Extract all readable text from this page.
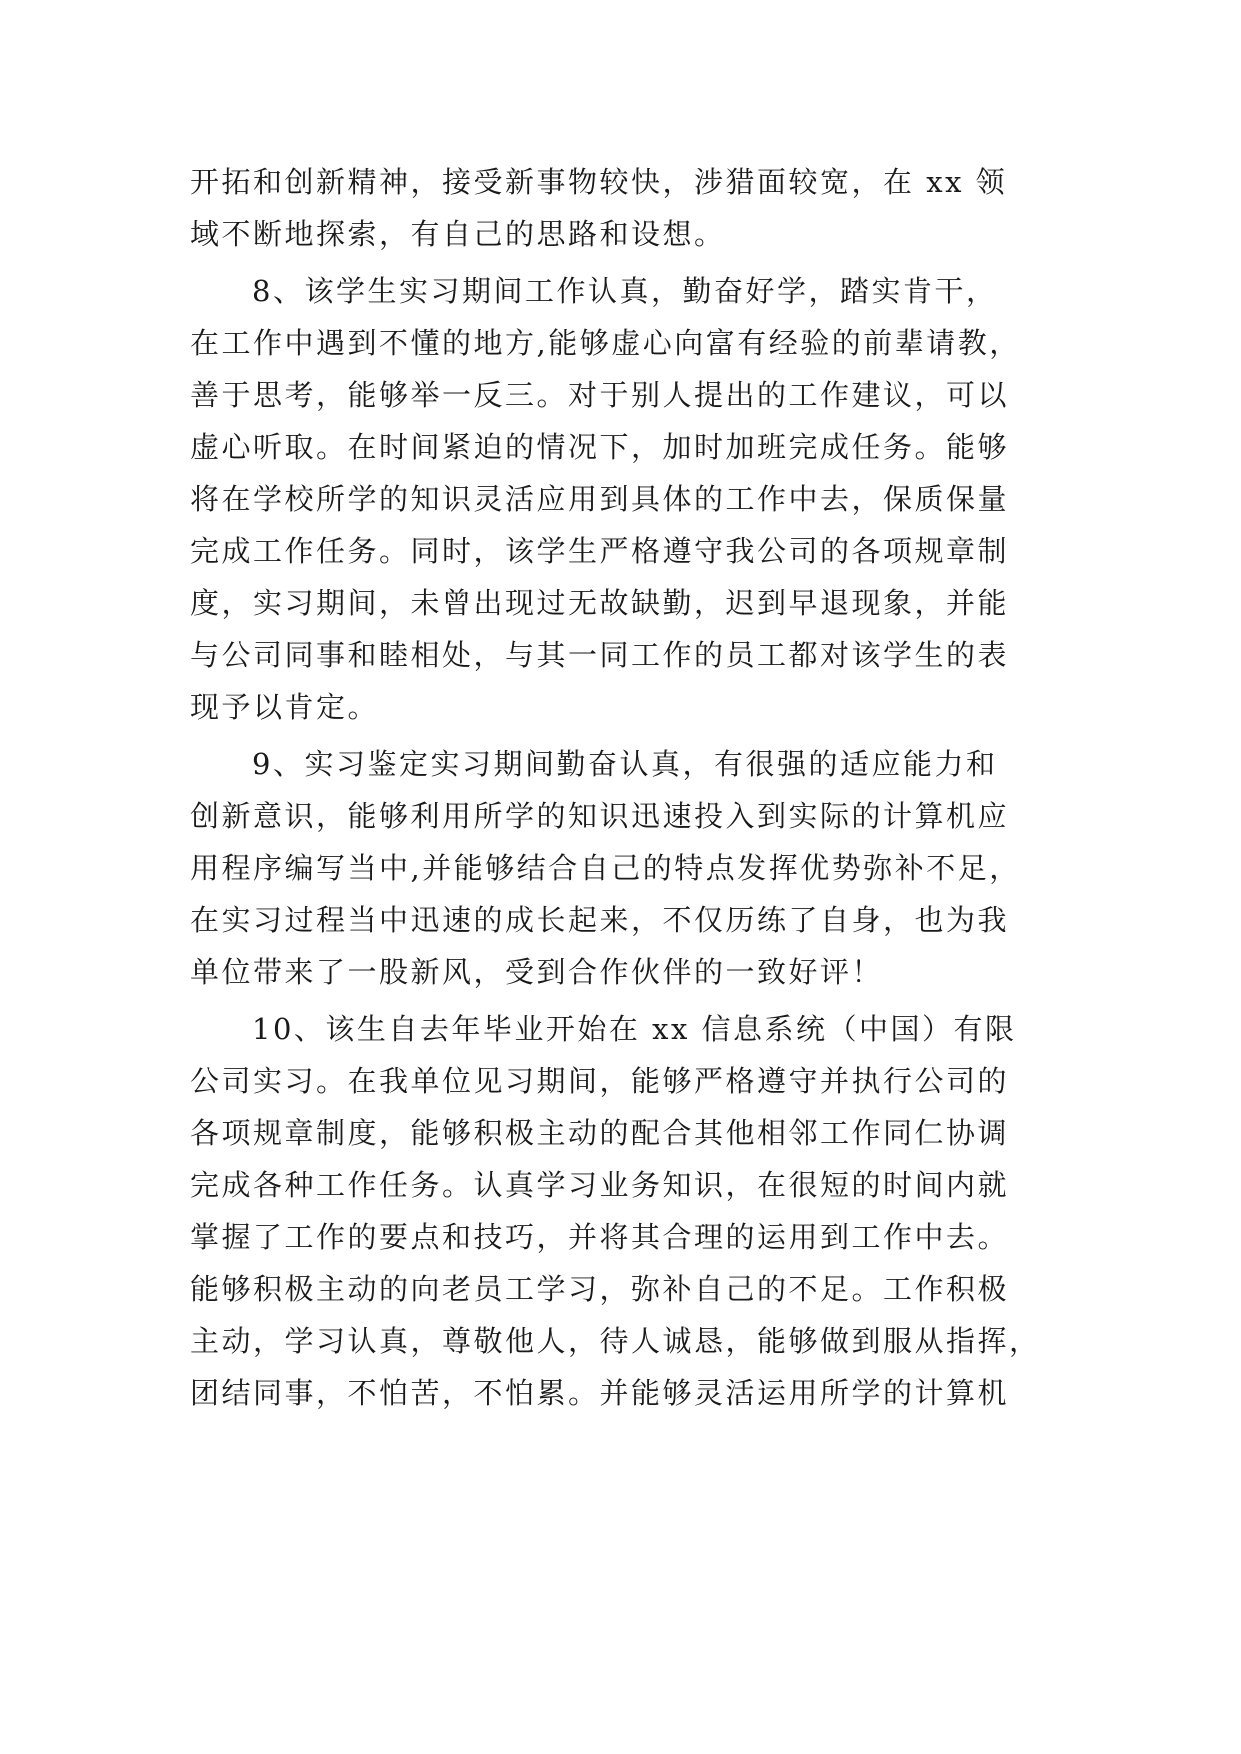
开拓和创新精神，接受新事物较快，涉猎面较宽，在 xx 领
域不断地探索，有自己的思路和设想。
8、该学生实习期间工作认真，勤奋好学，踏实肯干，
在工作中遇到不懂的地方,能够虚心向富有经验的前辈请教，
善于思考，能够举一反三。对于别人提出的工作建议，可以
虚心听取。在时间紧迫的情况下，加时加班完成任务。能够
将在学校所学的知识灵活应用到具体的工作中去，保质保量
完成工作任务。同时，该学生严格遵守我公司的各项规章制
度，实习期间，未曾出现过无故缺勤，迟到早退现象，并能
与公司同事和睦相处，与其一同工作的员工都对该学生的表
现予以肯定。
9、实习鉴定实习期间勤奋认真，有很强的适应能力和
创新意识，能够利用所学的知识迅速投入到实际的计算机应
用程序编写当中,并能够结合自己的特点发挥优势弥补不足，
在实习过程当中迅速的成长起来，不仅历练了自身，也为我
单位带来了一股新风，受到合作伙伴的一致好评！
10、该生自去年毕业开始在 xx 信息系统（中国）有限
公司实习。在我单位见习期间，能够严格遵守并执行公司的
各项规章制度，能够积极主动的配合其他相邻工作同仁协调
完成各种工作任务。认真学习业务知识，在很短的时间内就
掌握了工作的要点和技巧，并将其合理的运用到工作中去。
能够积极主动的向老员工学习，弥补自己的不足。工作积极
主动，学习认真，尊敬他人，待人诚恳，能够做到服从指挥，
团结同事，不怕苦，不怕累。并能够灵活运用所学的计算机
